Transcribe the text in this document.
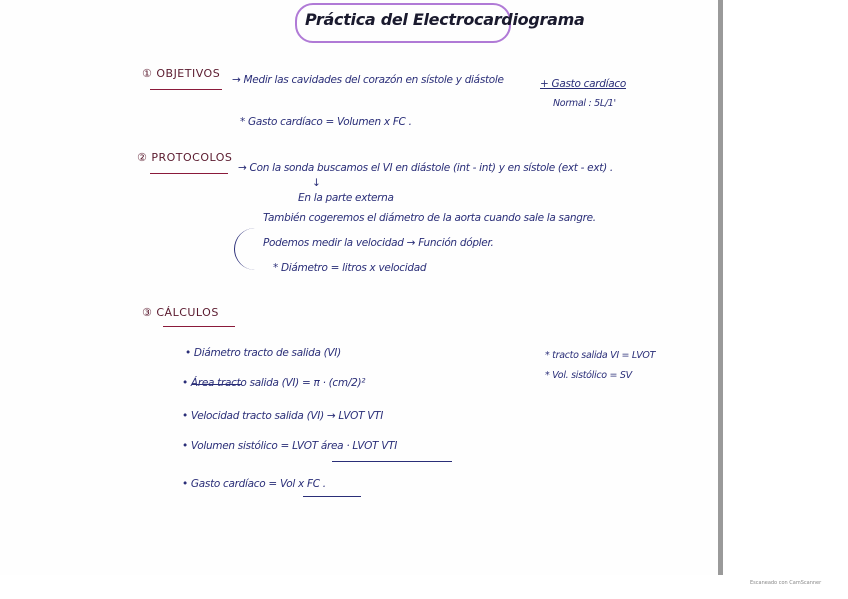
Práctica del Electrocardiograma
① OBJETIVOS → Medir las cavidades del corazón en sístole y diástole	+ Gasto cardíaco
Normal : 5L/1'
* Gasto cardíaco = Volumen x FC .
② PROTOCOLOS
→ Con la sonda buscamos el VI en diástole (int - int) y en sístole (ext - ext) .
↓
En la parte externa
También cogeremos el diámetro de la aorta cuando sale la sangre.
Podemos medir la velocidad → Función dópler.
* Diámetro = litros x velocidad
③ CÁLCULOS
• Diámetro tracto de salida (VI)
• Área tracto salida (VI) = π · (cm/2)²
• Velocidad tracto salida (VI) → LVOT VTI
• Volumen sistólico = LVOT área · LVOT VTI
• Gasto cardíaco = Vol x FC .
* tracto salida VI = LVOT
* Vol. sistólico = SV
Escaneado con CamScanner
